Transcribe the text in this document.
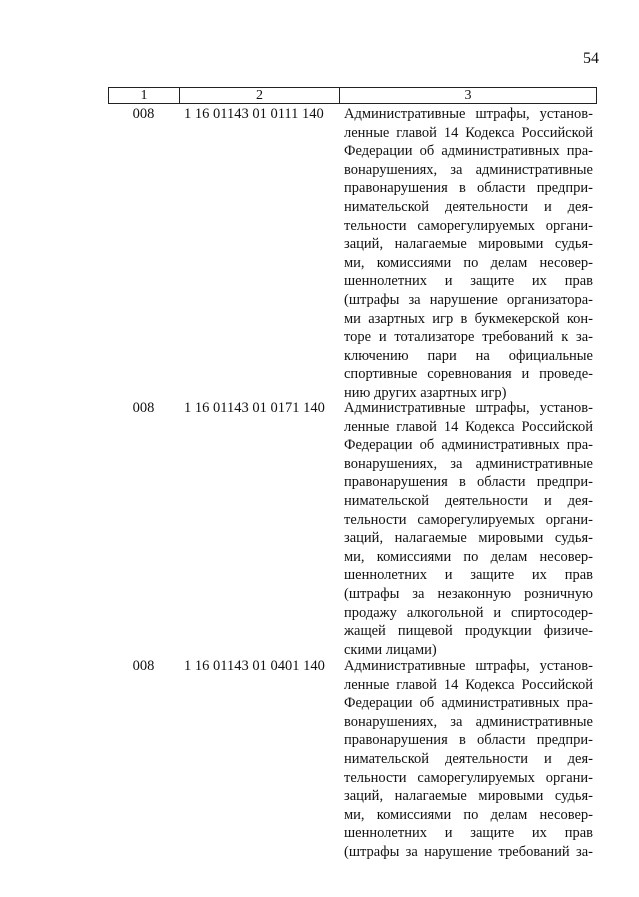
54
1	2	3
008	1 16 01143 01 0111 140	Административные штрафы, установ-
ленные главой 14 Кодекса Российской
Федерации об административных пра-
вонарушениях, за административные
правонарушения в области предпри-
нимательской деятельности и дея-
тельности саморегулируемых органи-
заций, налагаемые мировыми судья-
ми, комиссиями по делам несовер-
шеннолетних и защите их прав
(штрафы за нарушение организатора-
ми азартных игр в букмекерской кон-
торе и тотализаторе требований к за-
ключению пари на официальные
спортивные соревнования и проведе-
нию других азартных игр)
008	1 16 01143 01 0171 140	Административные штрафы, установ-
ленные главой 14 Кодекса Российской
Федерации об административных пра-
вонарушениях, за административные
правонарушения в области предпри-
нимательской деятельности и дея-
тельности саморегулируемых органи-
заций, налагаемые мировыми судья-
ми, комиссиями по делам несовер-
шеннолетних и защите их прав
(штрафы за незаконную розничную
продажу алкогольной и спиртосодер-
жащей пищевой продукции физиче-
скими лицами)
008	1 16 01143 01 0401 140	Административные штрафы, установ-
ленные главой 14 Кодекса Российской
Федерации об административных пра-
вонарушениях, за административные
правонарушения в области предпри-
нимательской деятельности и дея-
тельности саморегулируемых органи-
заций, налагаемые мировыми судья-
ми, комиссиями по делам несовер-
шеннолетних и защите их прав
(штрафы за нарушение требований за-
